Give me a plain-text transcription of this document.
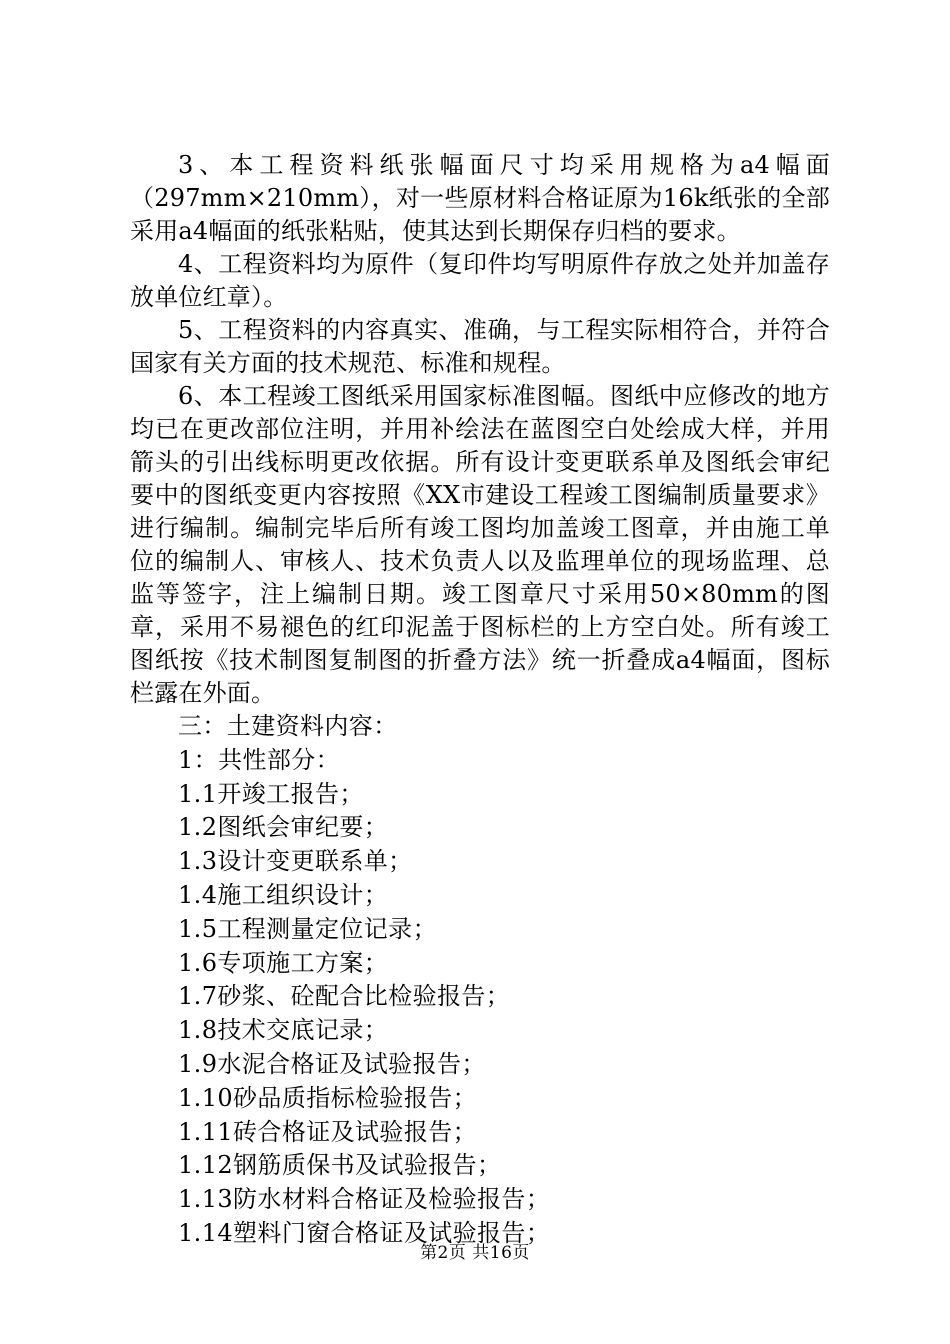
3、本工程资料纸张幅面尺寸均采用规格为a4幅面（297mm×210mm），对一些原材料合格证原为16k纸张的全部采用a4幅面的纸张粘贴，使其达到长期保存归档的要求。

4、工程资料均为原件（复印件均写明原件存放之处并加盖存放单位红章）。

5、工程资料的内容真实、准确，与工程实际相符合，并符合国家有关方面的技术规范、标准和规程。

6、本工程竣工图纸采用国家标准图幅。图纸中应修改的地方均已在更改部位注明，并用补绘法在蓝图空白处绘成大样，并用箭头的引出线标明更改依据。所有设计变更联系单及图纸会审纪要中的图纸变更内容按照《XX市建设工程竣工图编制质量要求》进行编制。编制完毕后所有竣工图均加盖竣工图章，并由施工单位的编制人、审核人、技术负责人以及监理单位的现场监理、总监等签字，注上编制日期。竣工图章尺寸采用50×80mm的图章，采用不易褪色的红印泥盖于图标栏的上方空白处。所有竣工图纸按《技术制图复制图的折叠方法》统一折叠成a4幅面，图标栏露在外面。

三：土建资料内容：

1：共性部分：

1.1开竣工报告；

1.2图纸会审纪要；

1.3设计变更联系单；

1.4施工组织设计；

1.5工程测量定位记录；

1.6专项施工方案；

1.7砂浆、砼配合比检验报告；

1.8技术交底记录；

1.9水泥合格证及试验报告；

1.10砂品质指标检验报告；

1.11砖合格证及试验报告；

1.12钢筋质保书及试验报告；

1.13防水材料合格证及检验报告；

1.14塑料门窗合格证及试验报告；

第2页 共16页
